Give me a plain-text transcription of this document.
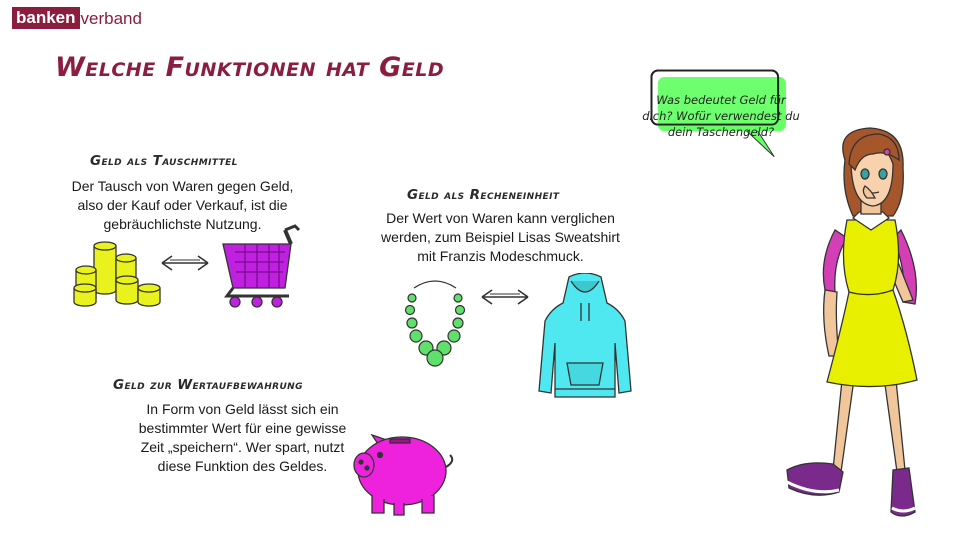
banken verband
Welche Funktionen hat Geld
Geld als Tauschmittel

Der Tausch von Waren gegen Geld,
also der Kauf oder Verkauf, ist die
gebräuchlichste Nutzung.

Geld als Recheneinheit

Der Wert von Waren kann verglichen
werden, zum Beispiel Lisas Sweatshirt
mit Franzis Modeschmuck.

Geld zur Wertaufbewahrung

In Form von Geld lässt sich ein
bestimmter Wert für eine gewisse
Zeit „speichern“. Wer spart, nutzt
diese Funktion des Geldes.

Was bedeutet Geld für
dich? Wofür verwendest du
dein Taschengeld?
